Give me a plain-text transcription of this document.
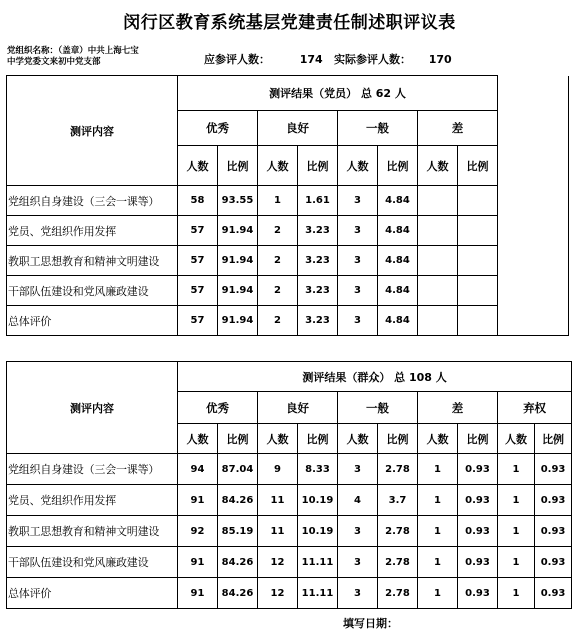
闵行区教育系统基层党建责任制述职评议表
党组织名称：（盖章）中共上海七宝
中学党委文来初中党支部	应参评人数：	174 实际参评人数： 170
测评内容	测评结果（党员） 总 62 人								
	优秀		良好		一般		差		
	人数	比例	人数	比例	人数	比例	人数	比例	
党组织自身建设（三会一课等）	58	93.55	1	1.61	3	4.84			
党员、党组织作用发挥	57	91.94	2	3.23	3	4.84			
教职工思想教育和精神文明建设	57	91.94	2	3.23	3	4.84			
干部队伍建设和党风廉政建设	57	91.94	2	3.23	3	4.84			
总体评价	57	91.94	2	3.23	3	4.84			
测评内容	测评结果（群众） 总 108 人									
	优秀		良好		一般		差		弃权	
	人数	比例	人数	比例	人数	比例	人数	比例	人数	比例
党组织自身建设（三会一课等）	94	87.04	9	8.33	3	2.78	1	0.93	1	0.93
党员、党组织作用发挥	91	84.26	11	10.19	4	3.7	1	0.93	1	0.93
教职工思想教育和精神文明建设	92	85.19	11	10.19	3	2.78	1	0.93	1	0.93
干部队伍建设和党风廉政建设	91	84.26	12	11.11	3	2.78	1	0.93	1	0.93
总体评价	91	84.26	12	11.11	3	2.78	1	0.93	1	0.93
填写日期：
